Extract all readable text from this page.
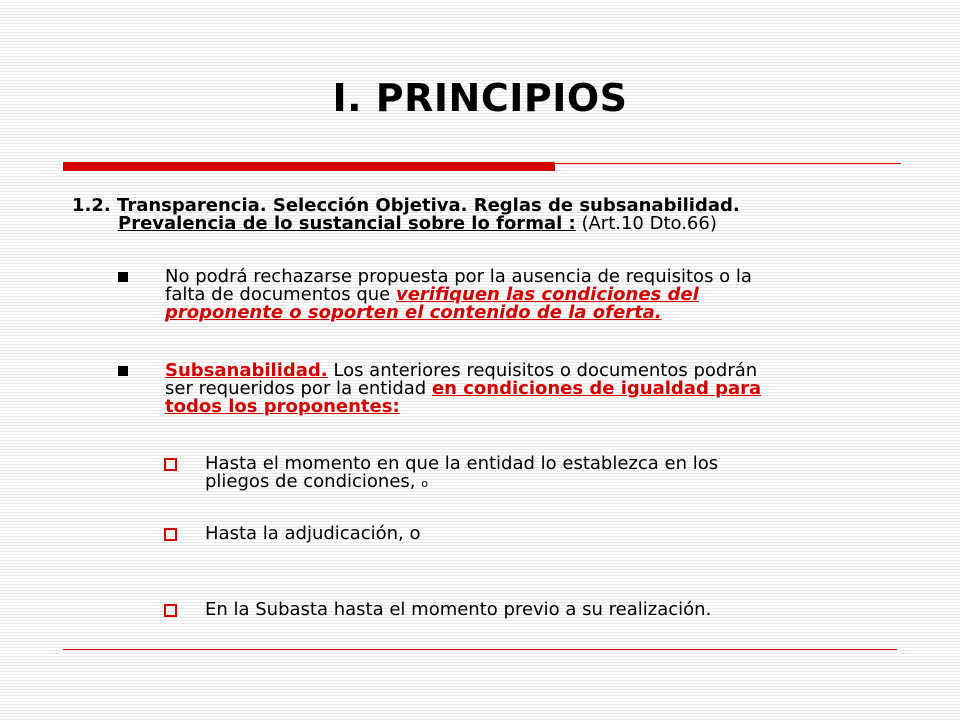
I. PRINCIPIOS
1.2. Transparencia. Selección Objetiva. Reglas de subsanabilidad.
Prevalencia de lo sustancial sobre lo formal : (Art.10 Dto.66)
No podrá rechazarse propuesta por la ausencia de requisitos o la
falta de documentos que verifiquen las condiciones del
proponente o soporten el contenido de la oferta.
Subsanabilidad. Los anteriores requisitos o documentos podrán
ser requeridos por la entidad en condiciones de igualdad para
todos los proponentes:
Hasta el momento en que la entidad lo establezca en los
pliegos de condiciones, o
Hasta la adjudicación, o
En la Subasta hasta el momento previo a su realización.
